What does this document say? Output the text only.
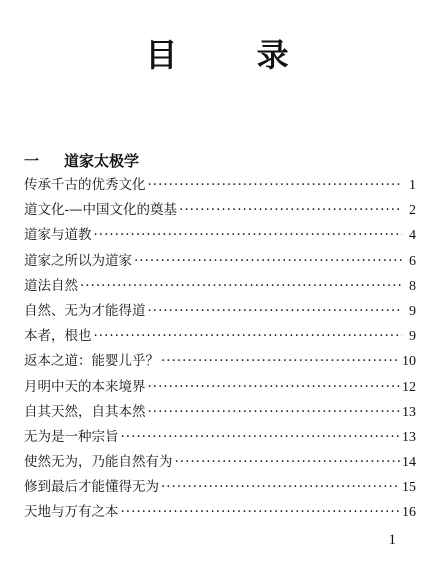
目 录
一 道家太极学
传承千古的优秀文化 ·····	1
道文化-—中国文化的奠基 ·····	2
道家与道教 ·····	4
道家之所以为道家 ·····	6
道法自然 ·····	8
自然、无为才能得道 ·····	9
本者，根也 ·····	9
返本之道：能婴儿乎？ ·····	10
月明中天的本来境界 ·····	12
自其天然，自其本然 ·····	13
无为是一种宗旨 ·····	13
使然无为，乃能自然有为 ·····	14
修到最后才能懂得无为 ·····	15
天地与万有之本 ·····	16
1
